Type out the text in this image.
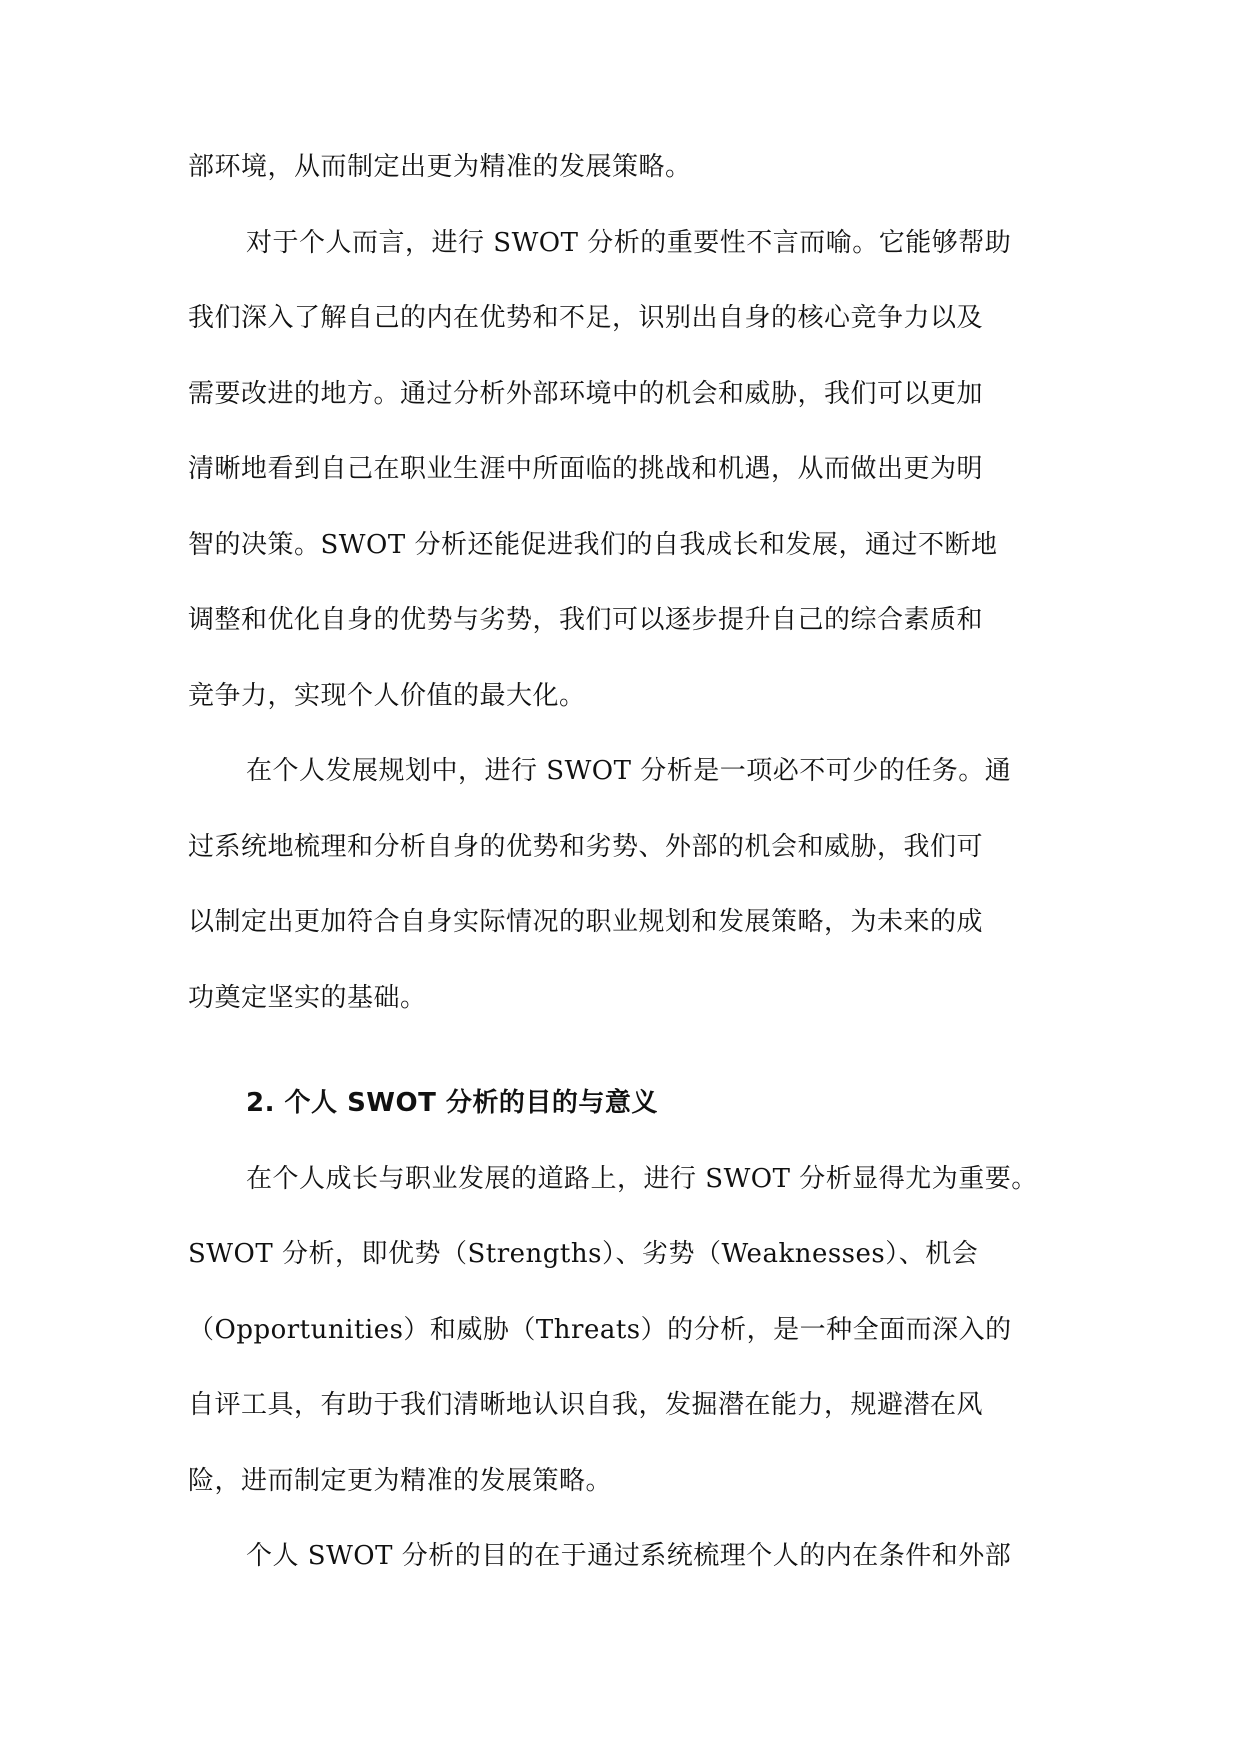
部环境，从而制定出更为精准的发展策略。
对于个人而言，进行 SWOT 分析的重要性不言而喻。它能够帮助
我们深入了解自己的内在优势和不足，识别出自身的核心竞争力以及
需要改进的地方。通过分析外部环境中的机会和威胁，我们可以更加
清晰地看到自己在职业生涯中所面临的挑战和机遇，从而做出更为明
智的决策。SWOT 分析还能促进我们的自我成长和发展，通过不断地
调整和优化自身的优势与劣势，我们可以逐步提升自己的综合素质和
竞争力，实现个人价值的最大化。
在个人发展规划中，进行 SWOT 分析是一项必不可少的任务。通
过系统地梳理和分析自身的优势和劣势、外部的机会和威胁，我们可
以制定出更加符合自身实际情况的职业规划和发展策略，为未来的成
功奠定坚实的基础。
2. 个人 SWOT 分析的目的与意义
在个人成长与职业发展的道路上，进行 SWOT 分析显得尤为重要。
SWOT 分析，即优势（Strengths）、劣势（Weaknesses）、机会
（Opportunities）和威胁（Threats）的分析，是一种全面而深入的
自评工具，有助于我们清晰地认识自我，发掘潜在能力，规避潜在风
险，进而制定更为精准的发展策略。
个人 SWOT 分析的目的在于通过系统梳理个人的内在条件和外部
